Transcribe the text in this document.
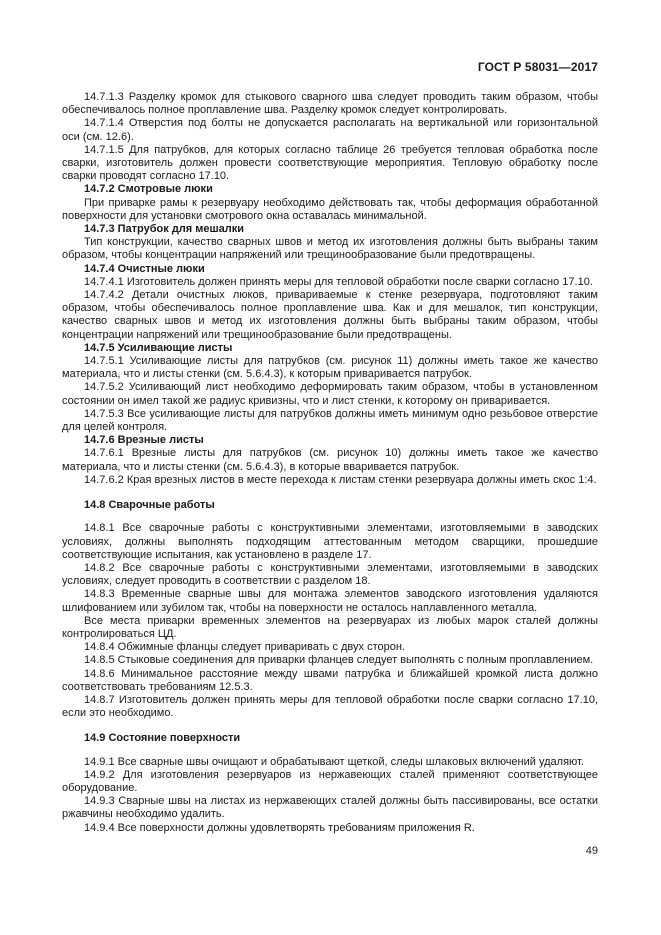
ГОСТ Р 58031—2017

14.7.1.3 Разделку кромок для стыкового сварного шва следует проводить таким образом, чтобы обеспечивалось полное проплавление шва. Разделку кромок следует контролировать.

14.7.1.4 Отверстия под болты не допускается располагать на вертикальной или горизонтальной оси (см. 12.6).

14.7.1.5 Для патрубков, для которых согласно таблице 26 требуется тепловая обработка после сварки, изготовитель должен провести соответствующие мероприятия. Тепловую обработку после сварки проводят согласно 17.10.

14.7.2 Смотровые люки

При приварке рамы к резервуару необходимо действовать так, чтобы деформация обработанной поверхности для установки смотрового окна оставалась минимальной.

14.7.3 Патрубок для мешалки

Тип конструкции, качество сварных швов и метод их изготовления должны быть выбраны таким образом, чтобы концентрации напряжений или трещинообразование были предотвращены.

14.7.4 Очистные люки

14.7.4.1 Изготовитель должен принять меры для тепловой обработки после сварки согласно 17.10.

14.7.4.2 Детали очистных люков, привариваемые к стенке резервуара, подготовляют таким образом, чтобы обеспечивалось полное проплавление шва. Как и для мешалок, тип конструкции, качество сварных швов и метод их изготовления должны быть выбраны таким образом, чтобы концентрации напряжений или трещинообразование были предотвращены.

14.7.5 Усиливающие листы

14.7.5.1 Усиливающие листы для патрубков (см. рисунок 11) должны иметь такое же качество материала, что и листы стенки (см. 5.6.4.3), к которым приваривается патрубок.

14.7.5.2 Усиливающий лист необходимо деформировать таким образом, чтобы в установленном состоянии он имел такой же радиус кривизны, что и лист стенки, к которому он приваривается.

14.7.5.3 Все усиливающие листы для патрубков должны иметь минимум одно резьбовое отверстие для целей контроля.

14.7.6 Врезные листы

14.7.6.1 Врезные листы для патрубков (см. рисунок 10) должны иметь такое же качество материала, что и листы стенки (см. 5.6.4.3), в которые вваривается патрубок.

14.7.6.2 Края врезных листов в месте перехода к листам стенки резервуара должны иметь скос 1:4.

14.8 Сварочные работы

14.8.1 Все сварочные работы с конструктивными элементами, изготовляемыми в заводских условиях, должны выполнять подходящим аттестованным методом сварщики, прошедшие соответствующие испытания, как установлено в разделе 17.

14.8.2 Все сварочные работы с конструктивными элементами, изготовляемыми в заводских условиях, следует проводить в соответствии с разделом 18.

14.8.3 Временные сварные швы для монтажа элементов заводского изготовления удаляются шлифованием или зубилом так, чтобы на поверхности не осталось наплавленного металла.

Все места приварки временных элементов на резервуарах из любых марок сталей должны контролироваться ЦД.

14.8.4 Обжимные фланцы следует приваривать с двух сторон.

14.8.5 Стыковые соединения для приварки фланцев следует выполнять с полным проплавлением.

14.8.6 Минимальное расстояние между швами патрубка и ближайшей кромкой листа должно соответствовать требованиям 12.5.3.

14.8.7 Изготовитель должен принять меры для тепловой обработки после сварки согласно 17.10, если это необходимо.

14.9 Состояние поверхности

14.9.1 Все сварные швы очищают и обрабатывают щеткой, следы шлаковых включений удаляют.

14.9.2 Для изготовления резервуаров из нержавеющих сталей применяют соответствующее оборудование.

14.9.3 Сварные швы на листах из нержавеющих сталей должны быть пассивированы, все остатки ржавчины необходимо удалить.

14.9.4 Все поверхности должны удовлетворять требованиям приложения R.

49
